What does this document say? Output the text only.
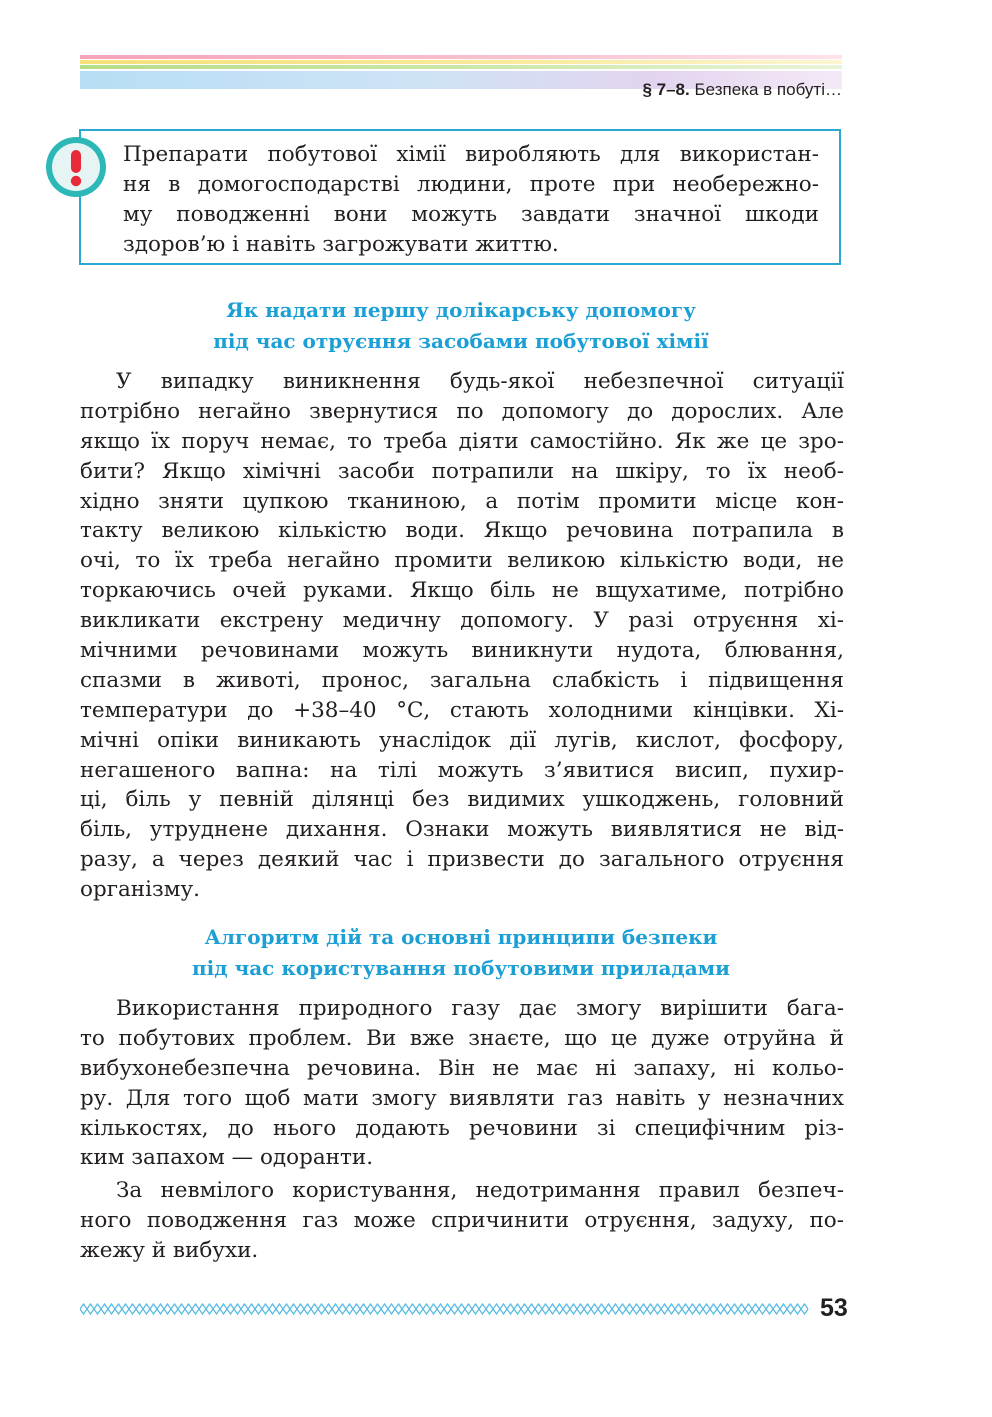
§ 7–8. Безпека в побуті…
Препарати побутової хімії виробляють для використан-
ня в домогосподарстві людини, проте при необережно-
му поводженні вони можуть завдати значної шкоди
здоров’ю і навіть загрожувати життю.
Як надати першу долікарську допомогу
під час отруєння засобами побутової хімії
У випадку виникнення будь-якої небезпечної ситуації
потрібно негайно звернутися по допомогу до дорослих. Але
якщо їх поруч немає, то треба діяти самостійно. Як же це зро-
бити? Якщо хімічні засоби потрапили на шкіру, то їх необ-
хідно зняти цупкою тканиною, а потім промити місце кон-
такту великою кількістю води. Якщо речовина потрапила в
очі, то їх треба негайно промити великою кількістю води, не
торкаючись очей руками. Якщо біль не вщухатиме, потрібно
викликати екстрену медичну допомогу. У разі отруєння хі-
мічними речовинами можуть виникнути нудота, блювання,
спазми в животі, пронос, загальна слабкість і підвищення
температури до +38–40 °С, стають холодними кінцівки. Хі-
мічні опіки виникають унаслідок дії лугів, кислот, фосфору,
негашеного вапна: на тілі можуть з’явитися висип, пухир-
ці, біль у певній ділянці без видимих ушкоджень, головний
біль, утруднене дихання. Ознаки можуть виявлятися не від-
разу, а через деякий час і призвести до загального отруєння
організму.
Алгоритм дій та основні принципи безпеки
під час користування побутовими приладами
Використання природного газу дає змогу вирішити бага-
то побутових проблем. Ви вже знаєте, що це дуже отруйна й
вибухонебезпечна речовина. Він не має ні запаху, ні кольо-
ру. Для того щоб мати змогу виявляти газ навіть у незначних
кількостях, до нього додають речовини зі специфічним різ-
ким запахом — одоранти.
За невмілого користування, недотримання правил безпеч-
ного поводження газ може спричинити отруєння, задуху, по-
жежу й вибухи.
53
